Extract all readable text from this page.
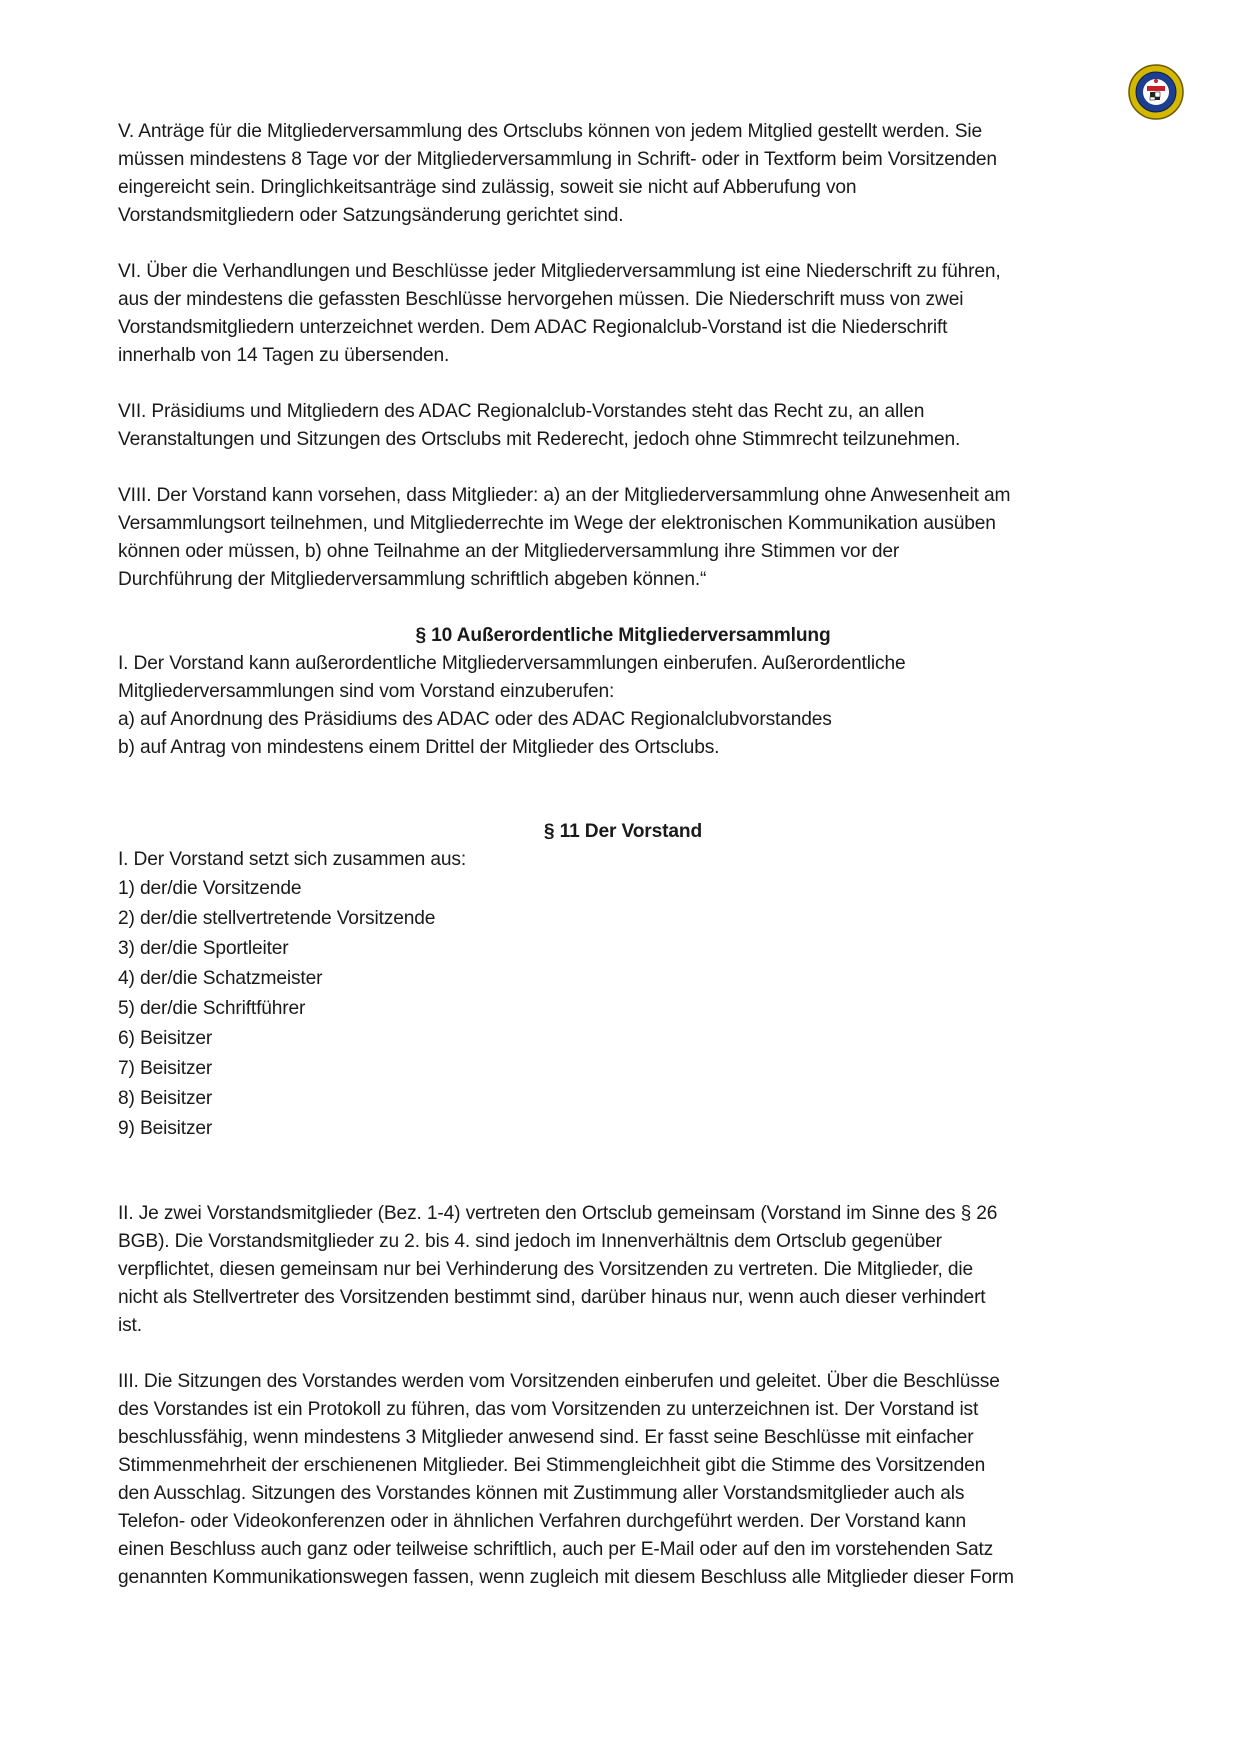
V. Anträge für die Mitgliederversammlung des Ortsclubs können von jedem Mitglied gestellt werden. Sie

müssen mindestens 8 Tage vor der Mitgliederversammlung in Schrift- oder in Textform beim Vorsitzenden

eingereicht sein. Dringlichkeitsanträge sind zulässig, soweit sie nicht auf Abberufung von

Vorstandsmitgliedern oder Satzungsänderung gerichtet sind.

VI. Über die Verhandlungen und Beschlüsse jeder Mitgliederversammlung ist eine Niederschrift zu führen,

aus der mindestens die gefassten Beschlüsse hervorgehen müssen. Die Niederschrift muss von zwei

Vorstandsmitgliedern unterzeichnet werden. Dem ADAC Regionalclub-Vorstand ist die Niederschrift

innerhalb von 14 Tagen zu übersenden.

VII. Präsidiums und Mitgliedern des ADAC Regionalclub-Vorstandes steht das Recht zu, an allen

Veranstaltungen und Sitzungen des Ortsclubs mit Rederecht, jedoch ohne Stimmrecht teilzunehmen.

VIII. Der Vorstand kann vorsehen, dass Mitglieder: a) an der Mitgliederversammlung ohne Anwesenheit am

Versammlungsort teilnehmen, und Mitgliederrechte im Wege der elektronischen Kommunikation ausüben

können oder müssen, b) ohne Teilnahme an der Mitgliederversammlung ihre Stimmen vor der

Durchführung der Mitgliederversammlung schriftlich abgeben können.“

§ 10 Außerordentliche Mitgliederversammlung

I. Der Vorstand kann außerordentliche Mitgliederversammlungen einberufen. Außerordentliche

Mitgliederversammlungen sind vom Vorstand einzuberufen:

a) auf Anordnung des Präsidiums des ADAC oder des ADAC Regionalclubvorstandes

b) auf Antrag von mindestens einem Drittel der Mitglieder des Ortsclubs.

§ 11 Der Vorstand

I. Der Vorstand setzt sich zusammen aus:

1) der/die Vorsitzende

2) der/die stellvertretende Vorsitzende

3) der/die Sportleiter

4) der/die Schatzmeister

5) der/die Schriftführer

6) Beisitzer

7) Beisitzer

8) Beisitzer

9) Beisitzer

II. Je zwei Vorstandsmitglieder (Bez. 1-4) vertreten den Ortsclub gemeinsam (Vorstand im Sinne des § 26

BGB). Die Vorstandsmitglieder zu 2. bis 4. sind jedoch im Innenverhältnis dem Ortsclub gegenüber

verpflichtet, diesen gemeinsam nur bei Verhinderung des Vorsitzenden zu vertreten. Die Mitglieder, die

nicht als Stellvertreter des Vorsitzenden bestimmt sind, darüber hinaus nur, wenn auch dieser verhindert

ist.

III. Die Sitzungen des Vorstandes werden vom Vorsitzenden einberufen und geleitet. Über die Beschlüsse

des Vorstandes ist ein Protokoll zu führen, das vom Vorsitzenden zu unterzeichnen ist. Der Vorstand ist

beschlussfähig, wenn mindestens 3 Mitglieder anwesend sind. Er fasst seine Beschlüsse mit einfacher

Stimmenmehrheit der erschienenen Mitglieder. Bei Stimmengleichheit gibt die Stimme des Vorsitzenden

den Ausschlag. Sitzungen des Vorstandes können mit Zustimmung aller Vorstandsmitglieder auch als

Telefon- oder Videokonferenzen oder in ähnlichen Verfahren durchgeführt werden. Der Vorstand kann

einen Beschluss auch ganz oder teilweise schriftlich, auch per E-Mail oder auf den im vorstehenden Satz

genannten Kommunikationswegen fassen, wenn zugleich mit diesem Beschluss alle Mitglieder dieser Form
